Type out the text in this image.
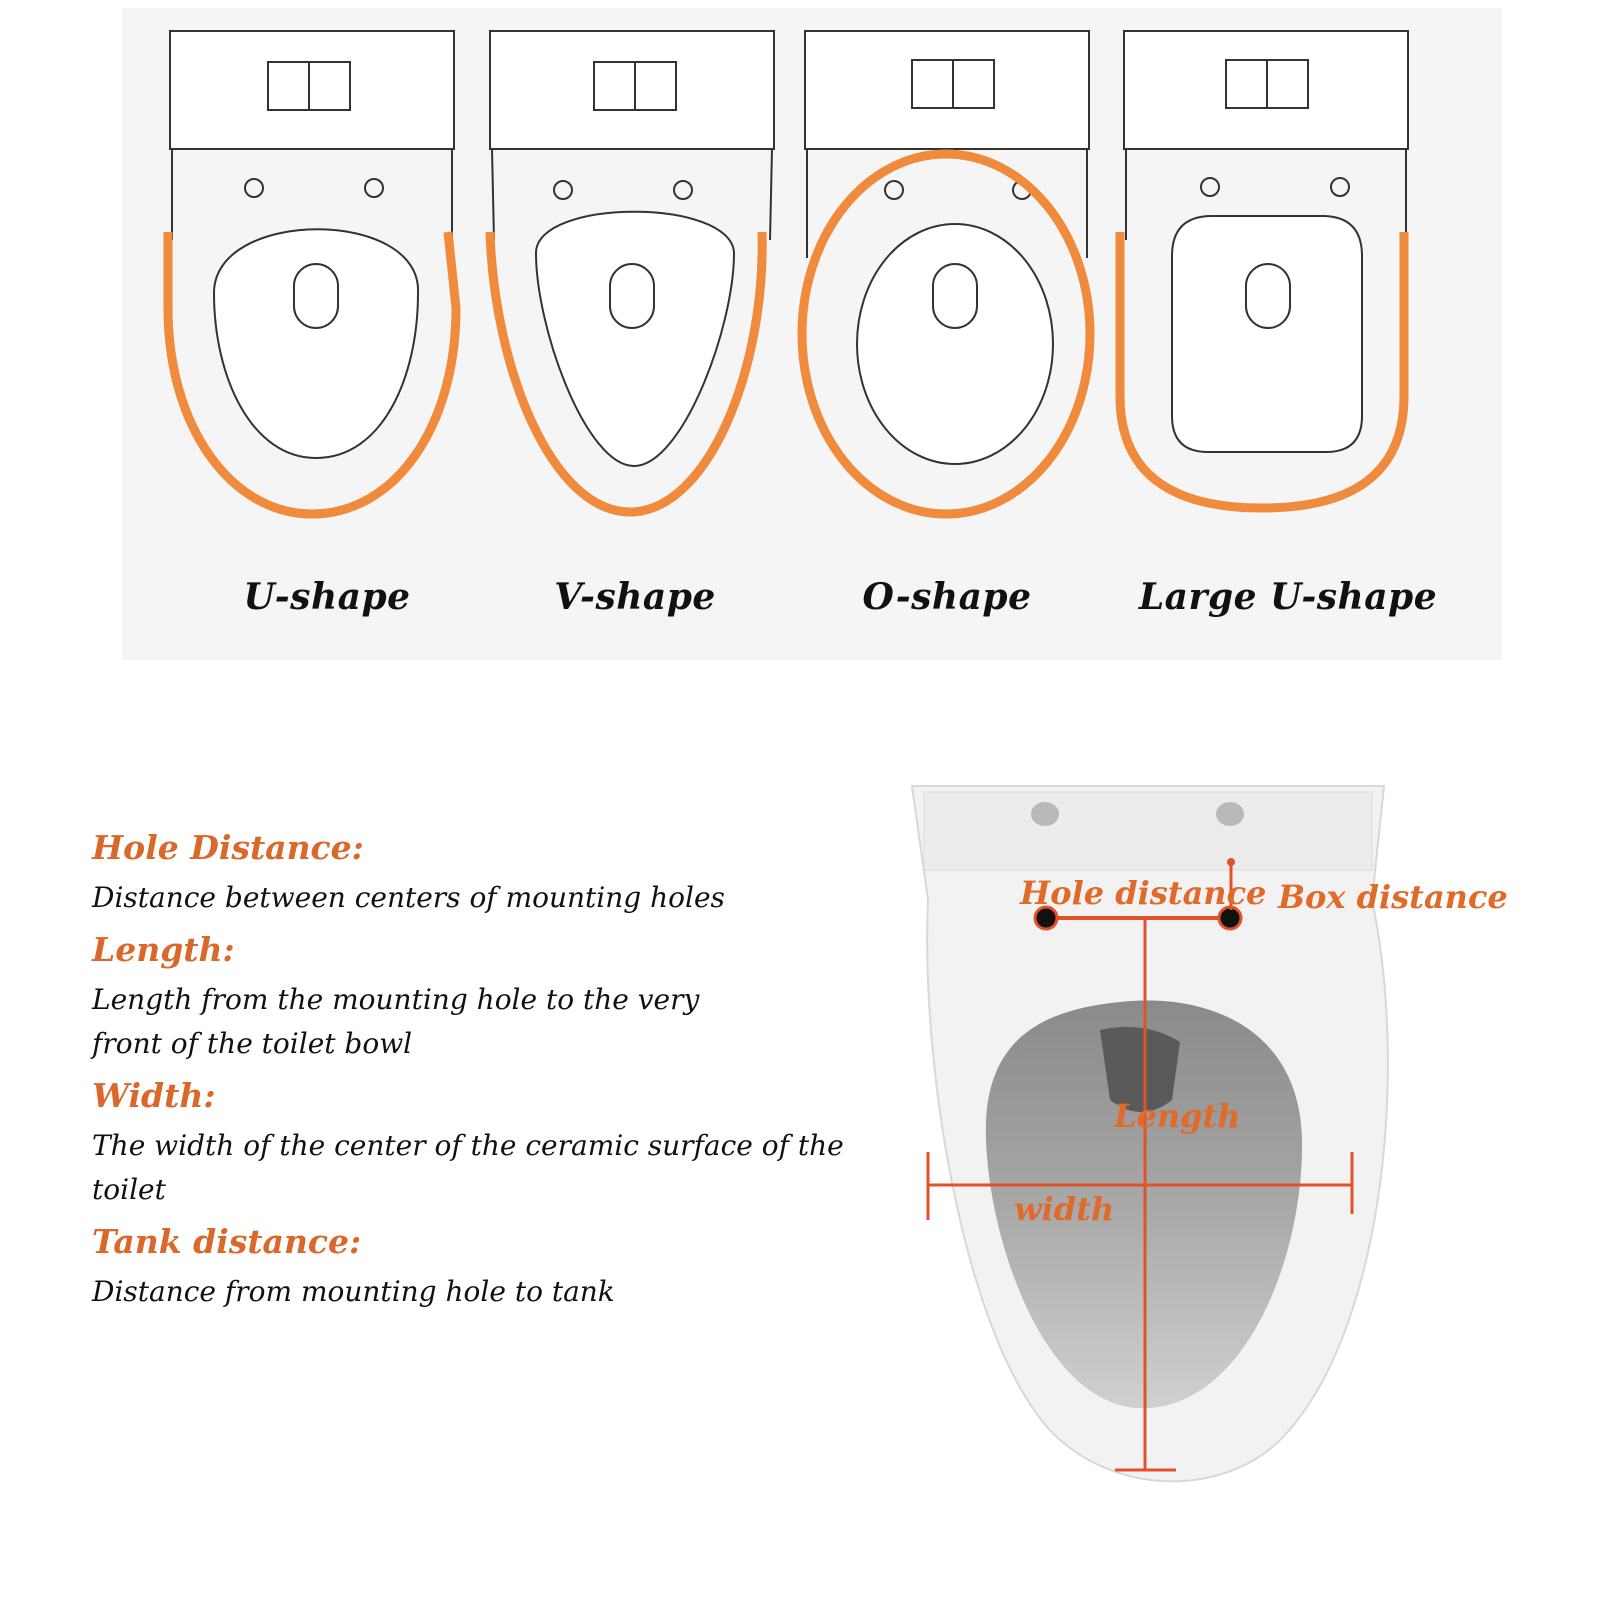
U-shape	V-shape	O-shape	Large U-shape
Hole Distance:
Distance between centers of mounting holes
Length:
Length from the mounting hole to the very
front of the toilet bowl
Width:
The width of the center of the ceramic surface of the toilet
Tank distance:
Distance from mounting hole to tank
Hole distance Box distance
Length
width
